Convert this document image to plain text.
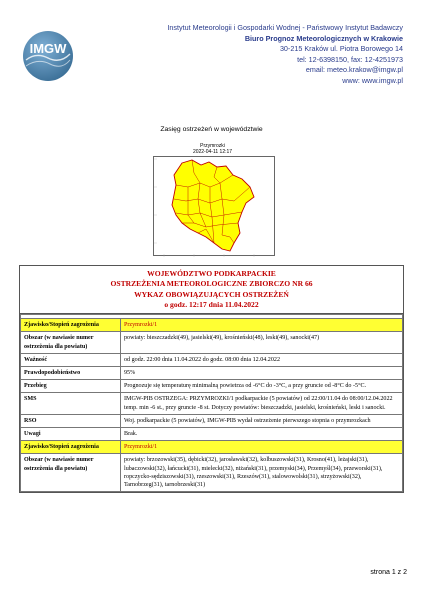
Instytut Meteorologii i Gospodarki Wodnej - Państwowy Instytut Badawczy
Biuro Prognoz Meteorologicznych w Krakowie
30-215 Kraków ul. Piotra Borowego 14
tel: 12-6398150, fax: 12-4251973
email: meteo.krakow@imgw.pl
www: www.imgw.pl
IMGW
Zasięg ostrzeżeń w województwie
Przymrozki
2022-04-11 12:17
WOJEWÓDZTWO PODKARPACKIE
OSTRZEŻENIA METEOROLOGICZNE ZBIORCZO NR 66
WYKAZ OBOWIĄZUJĄCYCH OSTRZEŻEŃ
o godz. 12:17 dnia 11.04.2022

Zjawisko/Stopień zagrożenia	Przymrozki/1
Obszar (w nawiasie numer ostrzeżenia dla powiatu)	powiaty: bieszczadzki(49), jasielski(49), krośnieński(48), leski(49), sanocki(47)
Ważność	od godz. 22:00 dnia 11.04.2022 do godz. 08:00 dnia 12.04.2022
Prawdopodobieństwo	95%
Przebieg	Prognozuje się temperaturę minimalną powietrza od -6°C do -3°C, a przy gruncie od -8°C do -5°C.
SMS	IMGW-PIB OSTRZEGA: PRZYMROZKI/1 podkarpackie (5 powiatów) od 22:00/11.04 do 08:00/12.04.2022 temp. min -6 st., przy gruncie -8 st. Dotyczy powiatów: bieszczadzki, jasielski, krośnieński, leski i sanocki.
RSO	Woj. podkarpackie (5 powiatów), IMGW-PIB wydał ostrzeżenie pierwszego stopnia o przymrozkach
Uwagi	Brak.
Zjawisko/Stopień zagrożenia	Przymrozki/1
Obszar (w nawiasie numer ostrzeżenia dla powiatu)	powiaty: brzozowski(35), dębicki(32), jarosławski(32), kolbuszowski(31), Krosno(41), leżajski(31), lubaczowski(32), łańcucki(31), mielecki(32), niżański(31), przemyski(34), Przemyśl(34), przeworski(31), ropczycko-sędziszowski(31), rzeszowski(31), Rzeszów(31), stalowowolski(31), strzyżowski(32), Tarnobrzeg(31), tarnobrzeski(31)
strona 1 z 2
